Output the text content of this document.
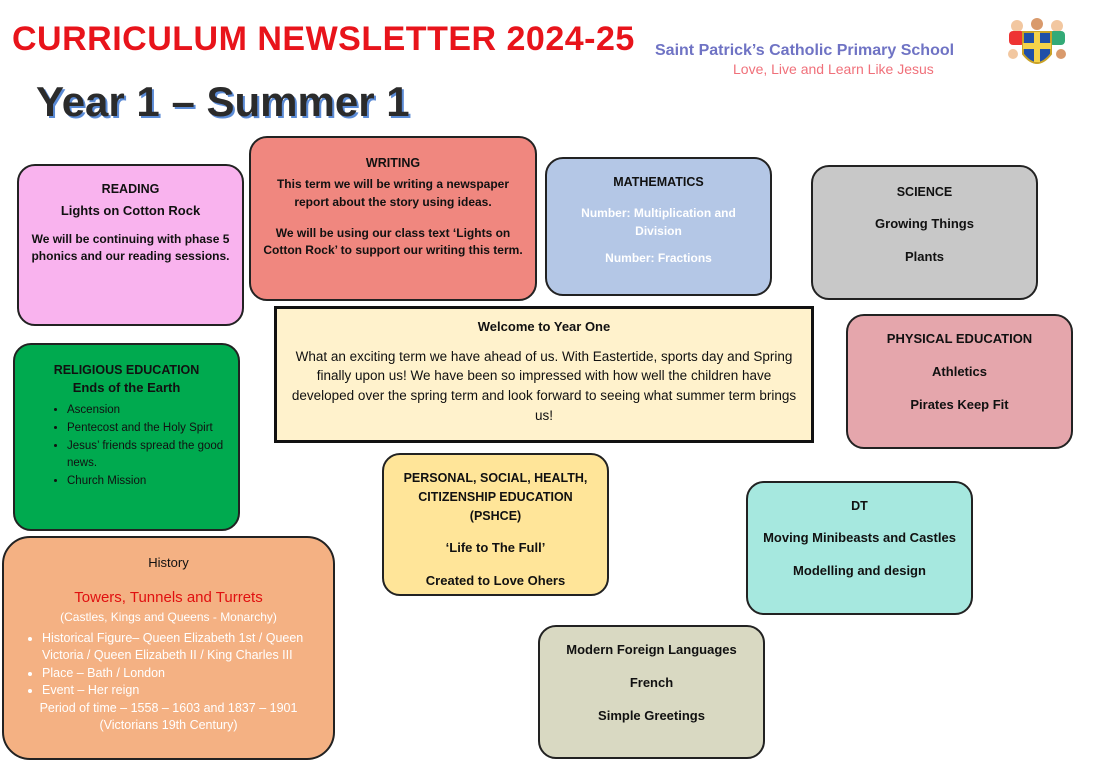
CURRICULUM NEWSLETTER 2024-25
Year 1 – Summer 1
Saint Patrick’s Catholic Primary School
Love, Live and Learn Like Jesus
READING
Lights on Cotton Rock
We will be continuing with phase 5 phonics and our reading sessions.
WRITING

This term we will be writing a newspaper report about the story using ideas.

We will be using our class text ‘Lights on Cotton Rock’ to support our writing this term.

MATHEMATICS

Number: Multiplication and Division

Number: Fractions

SCIENCE

Growing Things

Plants

RELIGIOUS EDUCATION
Ends of the Earth
• Ascension
• Pentecost and the Holy Spirt
• Jesus’ friends spread the good news.
• Church Mission
Welcome to Year One
What an exciting term we have ahead of us. With Eastertide, sports day and Spring finally upon us! We have been so impressed with how well the children have developed over the spring term and look forward to seeing what summer term brings us!
PHYSICAL EDUCATION

Athletics

Pirates Keep Fit

PERSONAL, SOCIAL, HEALTH, CITIZENSHIP EDUCATION (PSHCE)

‘Life to The Full’

Created to Love Ohers

DT

Moving Minibeasts and Castles

Modelling and design

History
Towers, Tunnels and Turrets
(Castles, Kings and Queens - Monarchy)
• Historical Figure– Queen Elizabeth 1st / Queen Victoria / Queen Elizabeth II / King Charles III
• Place – Bath / London
• Event – Her reign
Period of time – 1558 – 1603 and 1837 – 1901
(Victorians 19th Century)
Modern Foreign Languages

French

Simple Greetings
